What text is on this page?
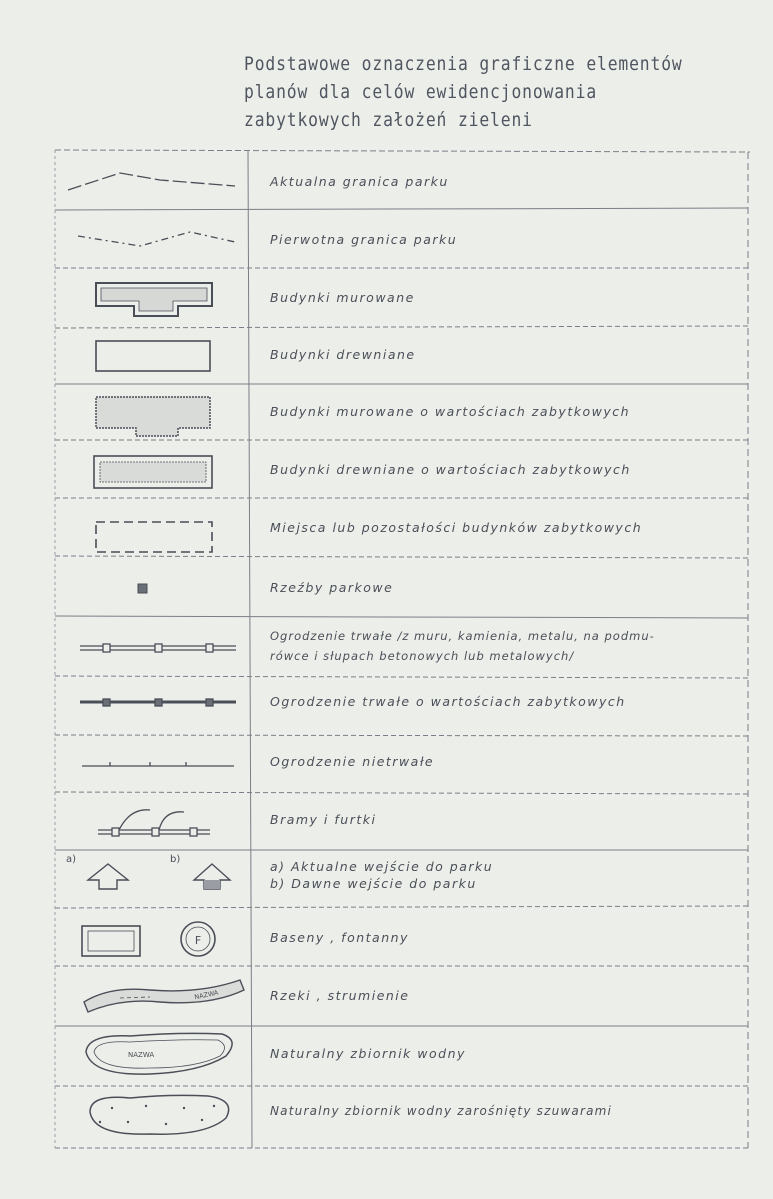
Podstawowe oznaczenia graficzne elementów
planów dla celów ewidencjonowania
zabytkowych założeń zieleni
a)	b)
F
NAZWA
NAZWA
Aktualna granica parku
Pierwotna granica parku
Budynki murowane
Budynki drewniane
Budynki murowane o wartościach zabytkowych
Budynki drewniane o wartościach zabytkowych
Miejsca lub pozostałości budynków zabytkowych
Rzeźby parkowe
Ogrodzenie trwałe /z muru, kamienia, metalu, na podmu-
rówce i słupach betonowych lub metalowych/
Ogrodzenie trwałe o wartościach zabytkowych
Ogrodzenie nietrwałe
Bramy i furtki
a) Aktualne wejście do parku
b) Dawne wejście do parku
Baseny , fontanny
Rzeki , strumienie
Naturalny zbiornik wodny
Naturalny zbiornik wodny zarośnięty szuwarami
